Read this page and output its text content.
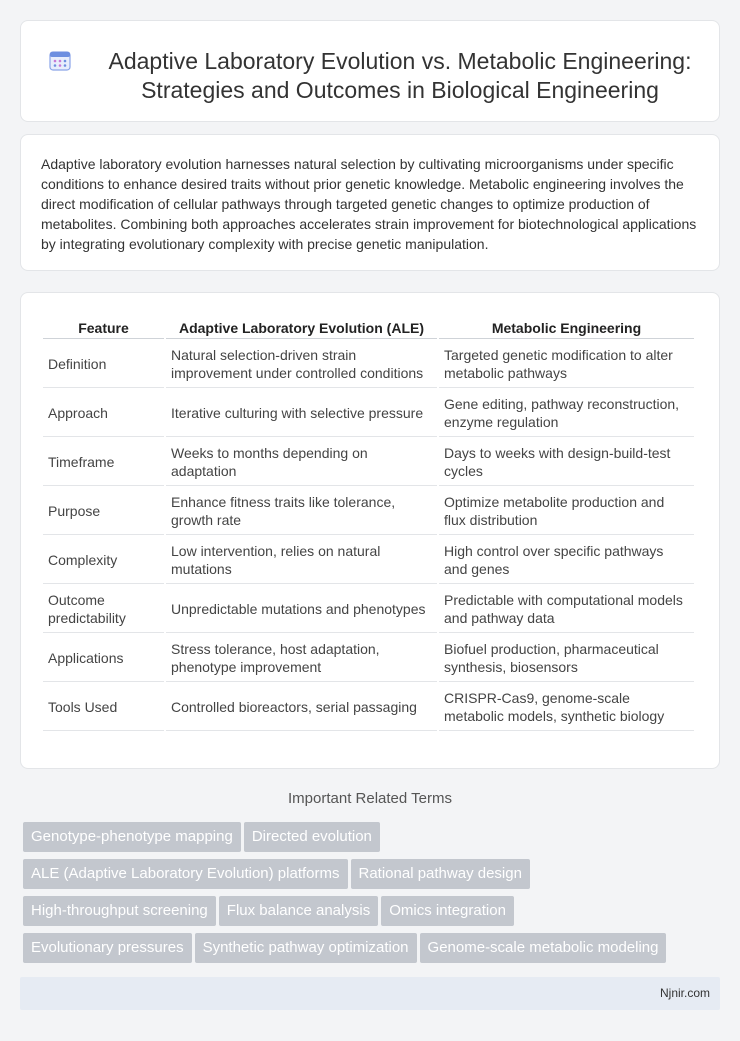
Adaptive Laboratory Evolution vs. Metabolic Engineering: Strategies and Outcomes in Biological Engineering

Adaptive laboratory evolution harnesses natural selection by cultivating microorganisms under specific conditions to enhance desired traits without prior genetic knowledge. Metabolic engineering involves the direct modification of cellular pathways through targeted genetic changes to optimize production of metabolites. Combining both approaches accelerates strain improvement for biotechnological applications by integrating evolutionary complexity with precise genetic manipulation.

Feature	Adaptive Laboratory Evolution (ALE)	Metabolic Engineering
Definition	Natural selection-driven strain improvement under controlled conditions	Targeted genetic modification to alter metabolic pathways
Approach	Iterative culturing with selective pressure	Gene editing, pathway reconstruction, enzyme regulation
Timeframe	Weeks to months depending on adaptation	Days to weeks with design-build-test cycles
Purpose	Enhance fitness traits like tolerance, growth rate	Optimize metabolite production and flux distribution
Complexity	Low intervention, relies on natural mutations	High control over specific pathways and genes
Outcome predictability	Unpredictable mutations and phenotypes	Predictable with computational models and pathway data
Applications	Stress tolerance, host adaptation, phenotype improvement	Biofuel production, pharmaceutical synthesis, biosensors
Tools Used	Controlled bioreactors, serial passaging	CRISPR-Cas9, genome-scale metabolic models, synthetic biology
Important Related Terms
Genotype-phenotype mapping Directed evolution
ALE (Adaptive Laboratory Evolution) platforms Rational pathway design
High-throughput screening Flux balance analysis Omics integration
Evolutionary pressures Synthetic pathway optimization Genome-scale metabolic modeling
Njnir.com
